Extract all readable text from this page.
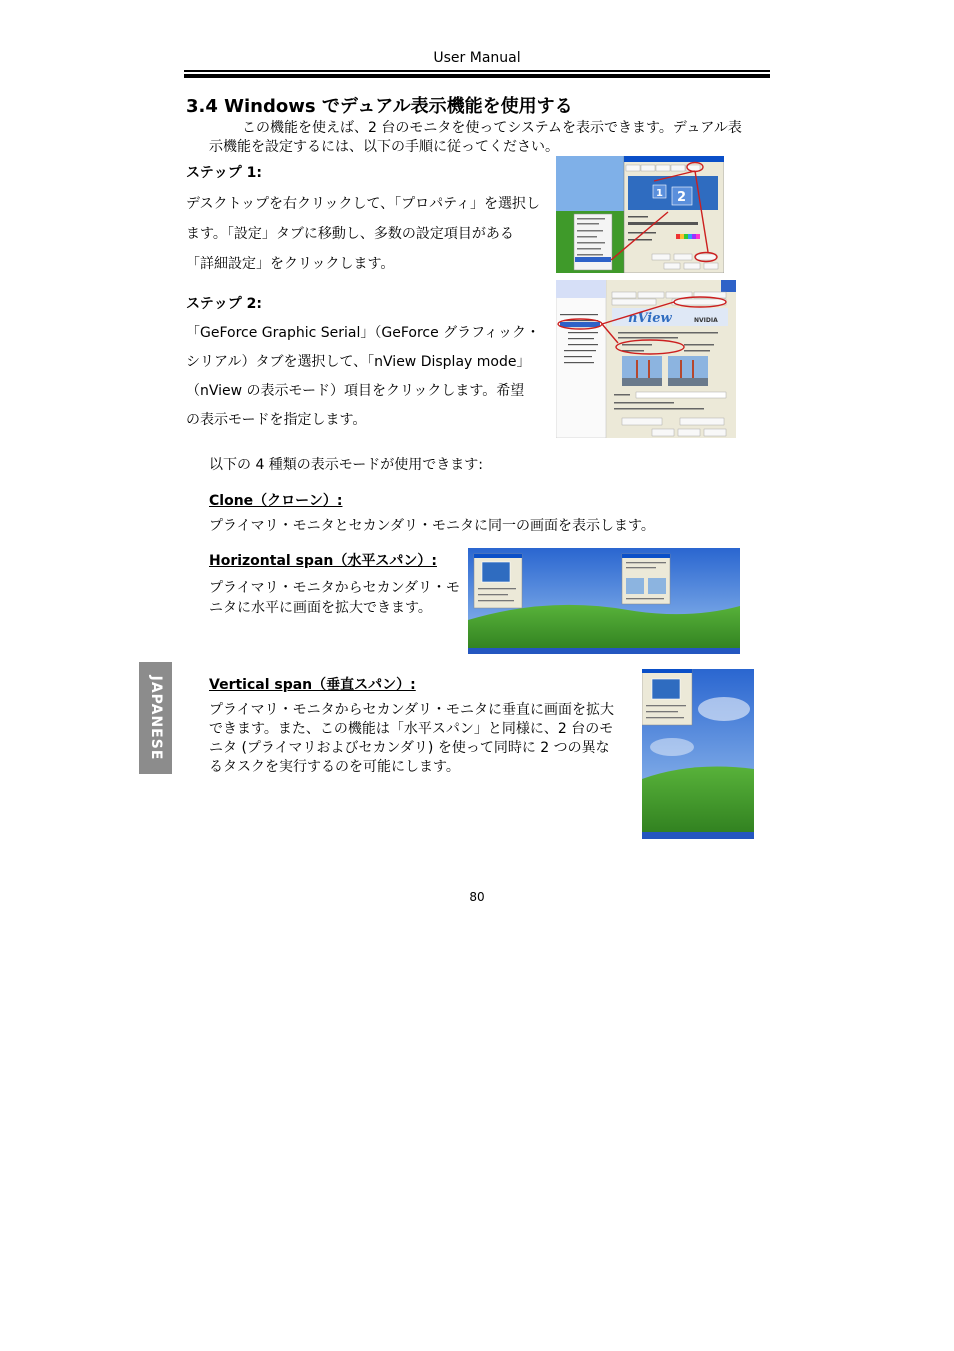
User Manual
3.4 Windows でデュアル表示機能を使用する
この機能を使えば、2 台のモニタを使ってシステムを表示できます。デュアル表
示機能を設定するには、以下の手順に従ってください。
ステップ 1:
デスクトップを右クリックして、「プロパティ」を選択し
ます。「設定」タブに移動し、多数の設定項目がある
「詳細設定」をクリックします。
1 2
ステップ 2:
「GeForce Graphic Serial」（GeForce グラフィック・
シリアル）タブを選択して、「nView Display mode」
（nView の表示モード）項目をクリックします。希望
の表示モードを指定します。
nView	NVIDIA
以下の 4 種類の表示モードが使用できます:
Clone（クローン）:
プライマリ・モニタとセカンダリ・モニタに同一の画面を表示します。
Horizontal span（水平スパン）:
プライマリ・モニタからセカンダリ・モ
ニタに水平に画面を拡大できます。
JAPANESE	Vertical span（垂直スパン）:
プライマリ・モニタからセカンダリ・モニタに垂直に画面を拡大
できます。また、この機能は「水平スパン」と同様に、2 台のモ
ニタ (プライマリおよびセカンダリ) を使って同時に 2 つの異な
るタスクを実行するのを可能にします。
80
